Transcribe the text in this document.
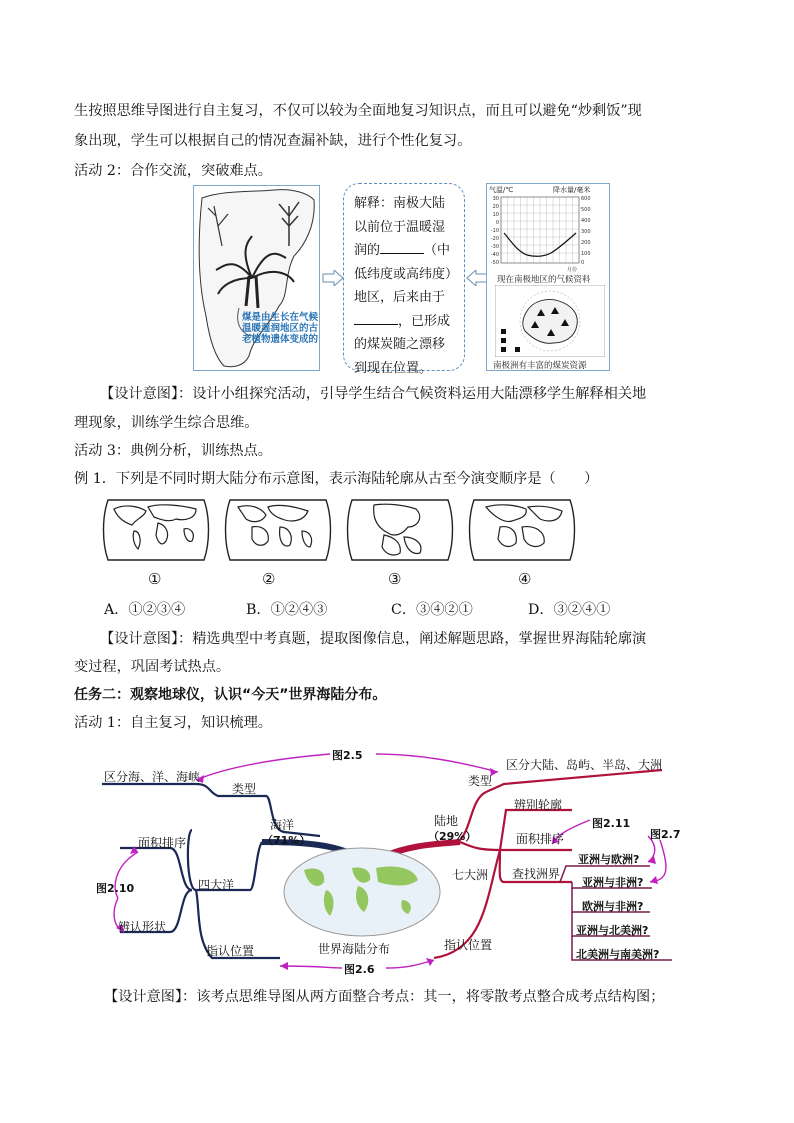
生按照思维导图进行自主复习，不仅可以较为全面地复习知识点，而且可以避免“炒剩饭”现
象出现，学生可以根据自己的情况查漏补缺，进行个性化复习。
活动 2：合作交流，突破难点。
煤是由生长在气候温暖湿润地区的古老植物遗体变成的
解释：南极大陆以前位于温暖湿润的	（中低纬度或高纬度）地区，后来由于，已形成的煤炭随之漂移到现在位置。
气温/℃	降水量/毫米
30
20
10
0
-10
-20
-30
-40
-50
600
500
400
300
200
100
0
月份
现在南极地区的气候资料
南极洲有丰富的煤炭资源
【设计意图】：设计小组探究活动，引导学生结合气候资料运用大陆漂移学生解释相关地
理现象，训练学生综合思维。
活动 3：典例分析，训练热点。
例 1．下列是不同时期大陆分布示意图，表示海陆轮廓从古至今演变顺序是（　　）
①	②	③	④
A．①②③④	B．①②④③	C．③④②①	D．③②④①
【设计意图】：精选典型中考真题，提取图像信息，阐述解题思路，掌握世界海陆轮廓演
变过程，巩固考试热点。
任务二：观察地球仪，认识“今天”世界海陆分布。
活动 1：自主复习，知识梳理。
图2.5
区分海、洋、海峡
类型
海洋
（71%）
面积排序
图2.10	四大洋
辨认形状
指认位置	世界海陆分布
图2.6
指认位置
陆地
（29%）
类型
区分大陆、岛屿、半岛、大洲
辨别轮廓
图2.11
面积排序	图2.7
七大洲 查找洲界
亚洲与欧洲?
亚洲与非洲?
欧洲与非洲?
亚洲与北美洲?
北美洲与南美洲?
【设计意图】：该考点思维导图从两方面整合考点：其一，将零散考点整合成考点结构图；
